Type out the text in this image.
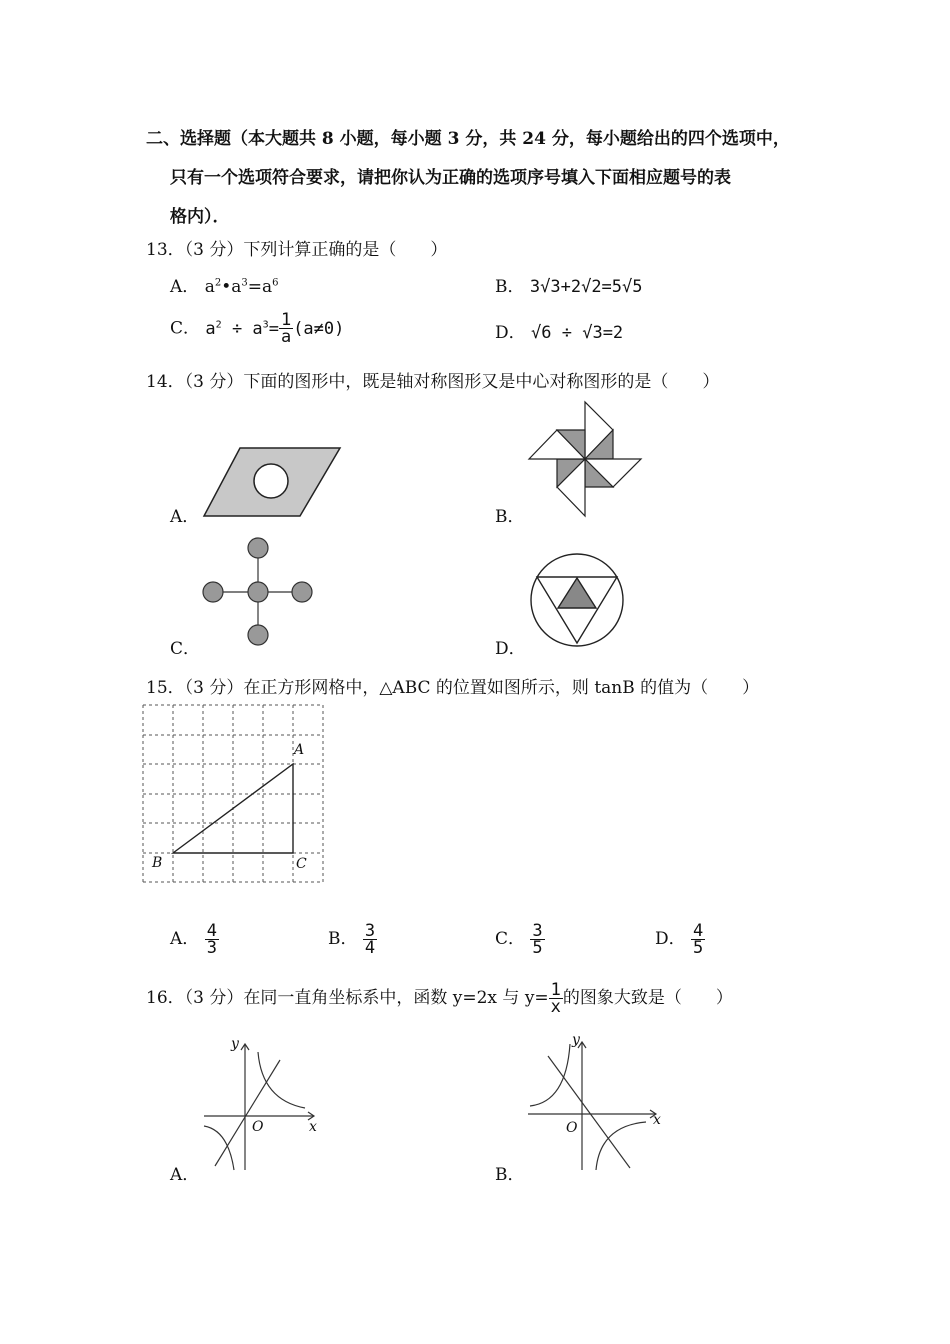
二、选择题（本大题共 8 小题，每小题 3 分，共 24 分，每小题给出的四个选项中，
只有一个选项符合要求，请把你认为正确的选项序号填入下面相应题号的表
格内）．
13．（3 分）下列计算正确的是（　　）
A． $a^2•a^3=a^6$	B． 3√3+2√2=5√5
C． $a^2 \div a^3= \frac{1}{a} (a\ne 0)$	D． √6 ÷ √3=2
14．（3 分）下面的图形中，既是轴对称图形又是中心对称图形的是（　　）
A．	B．
C．	D．
15．（3 分）在正方形网格中，△ABC 的位置如图所示，则 tanB 的值为（　　）
A
B	C
A． $\frac{4}{3}$	B． $\frac{3}{4}$	C． $\frac{3}{5}$	D． $\frac{4}{5}$
16．（3 分）在同一直角坐标系中，函数 y=2x 与 $y= \frac{1}{x}$ 的图象大致是（　　）
y
x
O
A．
y
x
O
B．
